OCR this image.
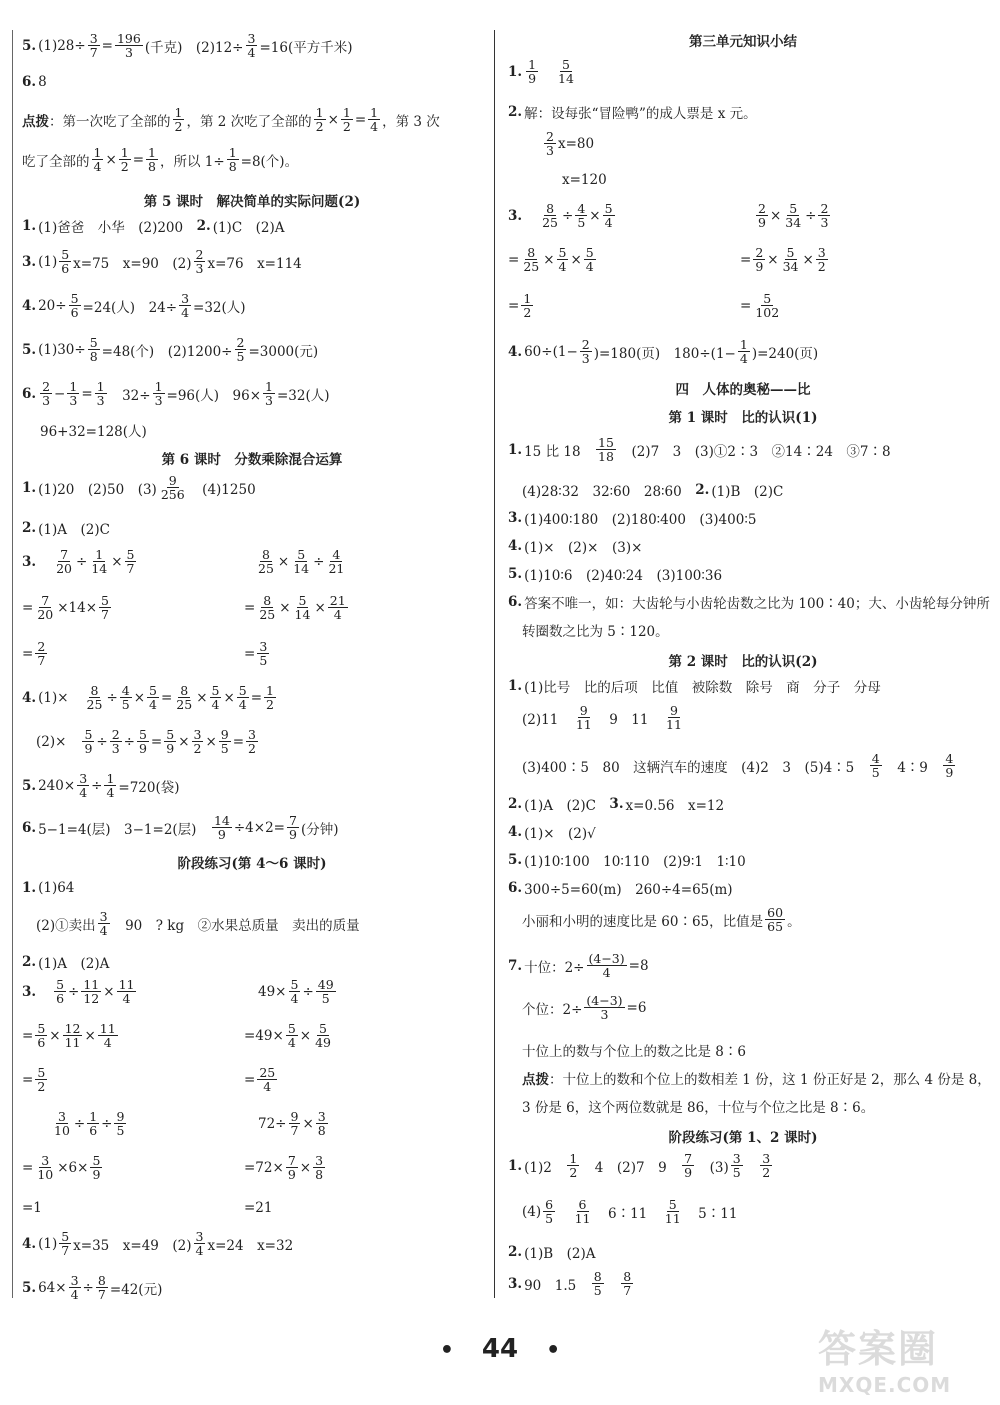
5. $(1)28\div \frac{3}{7} = \frac{196}{3}$ (千克)　$(2)12\div \frac{3}{4} =16$(平方千米)
6. 8
点拨 ：第一次吃了全部的 $\frac{1}{2}$ ，第 2 次吃了全部的 $\frac{1}{2} \times \frac{1}{2} = \frac{1}{4}$ ，第 3 次
吃了全部的 $\frac{1}{4} \times \frac{1}{2} = \frac{1}{8}$ ，所以 $1\div \frac{1}{8} =8$(个)。
第 5 课时　解决简单的实际问题(2)
1. (1)爸爸　小华　(2)200　 2. (1)C　(2)A
3. $(1) \frac{5}{6} x=75$　x=90　$(2) \frac{2}{3} x=76$　x=114
4. $20\div \frac{5}{6} =24$(人)　$24\div \frac{3}{4} =32$(人)
5. $(1)30\div \frac{5}{8} =48$(个)　$(2)1200\div \frac{2}{5} =3000$(元)
6. $\frac{2}{3} - \frac{1}{3} = \frac{1}{3}$ 　$32\div \frac{1}{3} =96$(人)　$96\times \frac{1}{3} =32$(人)
96+32=128(人)
第 6 课时　分数乘除混合运算
1. (1)20　(2)50　$(3) \frac{9}{256}$ 　(4)1250
2. (1)A　(2)C
3. $\frac{7}{20} \div \frac{1}{14} \times \frac{5}{7}$	$\frac{8}{25} \times \frac{5}{14} \div \frac{4}{21}$
= $\frac{7}{20} \times 14\times \frac{5}{7}$	= $\frac{8}{25} \times \frac{5}{14} \times \frac{21}{4}$
= $\frac{2}{7}$	= $\frac{3}{5}$
4. $(1)\times \frac{8}{25} \div \frac{4}{5} \times \frac{5}{4} = \frac{8}{25} \times \frac{5}{4} \times \frac{5}{4} = \frac{1}{2}$
$(2)\times \frac{5}{9} \div \frac{2}{3} \div \frac{5}{9} = \frac{5}{9} \times \frac{3}{2} \times \frac{9}{5} = \frac{3}{2}$
5. $240\times \frac{3}{4} \div \frac{1}{4} =720$(袋)
6. 5−1=4(层)　3−1=2(层)　 $\frac{14}{9} \div 4\times 2= \frac{7}{9}$ (分钟)
阶段练习(第 4～6 课时)
1. (1)64
(2)①卖出 $\frac{3}{4}$ 　90　? kg　②水果总质量　卖出的质量
2. (1)A　(2)A
3. $\frac{5}{6} \div \frac{11}{12} \times \frac{11}{4}$	$49\times \frac{5}{4} \div \frac{49}{5}$
= $\frac{5}{6} \times \frac{12}{11} \times \frac{11}{4}$	$=49\times \frac{5}{4} \times \frac{5}{49}$
= $\frac{5}{2}$	= $\frac{25}{4}$
$\frac{3}{10} \div \frac{1}{6} \div \frac{9}{5}$	$72\div \frac{9}{7} \times \frac{3}{8}$
= $\frac{3}{10} \times 6\times \frac{5}{9}$	$=72\times \frac{7}{9} \times \frac{3}{8}$
=1	=21
4. $(1) \frac{5}{7} x=35$　x=49　$(2) \frac{3}{4} x=24$　x=32
5. $64\times \frac{3}{4} \div \frac{8}{7} =42$(元)
第三单元知识小结
1. $\frac{1}{9} \frac{5}{14}$
2. 解：设每张“冒险鸭”的成人票是 x 元。
$\frac{2}{3} x=80$
x=120
3. $\frac{8}{25} \div \frac{4}{5} \times \frac{5}{4}$	$\frac{2}{9} \times \frac{5}{34} \div \frac{2}{3}$
= $\frac{8}{25} \times \frac{5}{4} \times \frac{5}{4}$	= $\frac{2}{9} \times \frac{5}{34} \times \frac{3}{2}$
= $\frac{1}{2}$	= $\frac{5}{102}$
4. $60\div(1- \frac{2}{3} )=180$(页)　$180\div(1- \frac{1}{4} )=240$(页)
四　人体的奥秘——比
第 1 课时　比的认识(1)
1. 15 比 18　 $\frac{15}{18}$ 　(2)7　3　(3)①2∶3　②14∶24　③7∶8
(4)28∶32　32∶60　28∶60　 2. (1)B　(2)C
3. (1)400∶180　(2)180∶400　(3)400∶5
4. (1)×　(2)×　(3)×
5. (1)10∶6　(2)40∶24　(3)100∶36
6. 答案不唯一，如：大齿轮与小齿轮齿数之比为 100∶40；大、小齿轮每分钟所
转圈数之比为 5∶120。
第 2 课时　比的认识(2)
1. (1)比号　比的后项　比值　被除数　除号　商　分子　分母
(2)11　 $\frac{9}{11}$ 　9　11　 $\frac{9}{11}$
(3)400∶5　80　这辆汽车的速度　(4)2　3　(5)4∶5　 $\frac{4}{5}$ 　4∶9　 $\frac{4}{9}$
2. (1)A　(2)C　 3. x=0.56　x=12
4. (1)×　(2)√
5. (1)10∶100　10∶110　(2)9∶1　1∶10
6. 300÷5=60(m)　260÷4=65(m)
小丽和小明的速度比是 60∶65，比值是 $\frac{60}{65}$ 。
7. 十位：$2\div \frac{(4-3)}{4} =8$
个位：$2\div \frac{(4-3)}{3} =6$
十位上的数与个位上的数之比是 8∶6
点拨 ：十位上的数和个位上的数相差 1 份，这 1 份正好是 2，那么 4 份是 8，
3 份是 6，这个两位数就是 86，十位与个位之比是 8∶6。
阶段练习(第 1、2 课时)
1. (1)2　 $\frac{1}{2}$ 　4　(2)7　9　 $\frac{7}{9}$ 　$(3) \frac{3}{5}$
　 $\frac{3}{2}$
$(4) \frac{6}{5}$
　 $\frac{6}{11}$ 　6∶11　 $\frac{5}{11}$ 　5∶11
2. (1)B　(2)A
3. 90　1.5　 $\frac{8}{5}$
　 $\frac{8}{7}$
• 44 •	答案圈
MXQE.COM
